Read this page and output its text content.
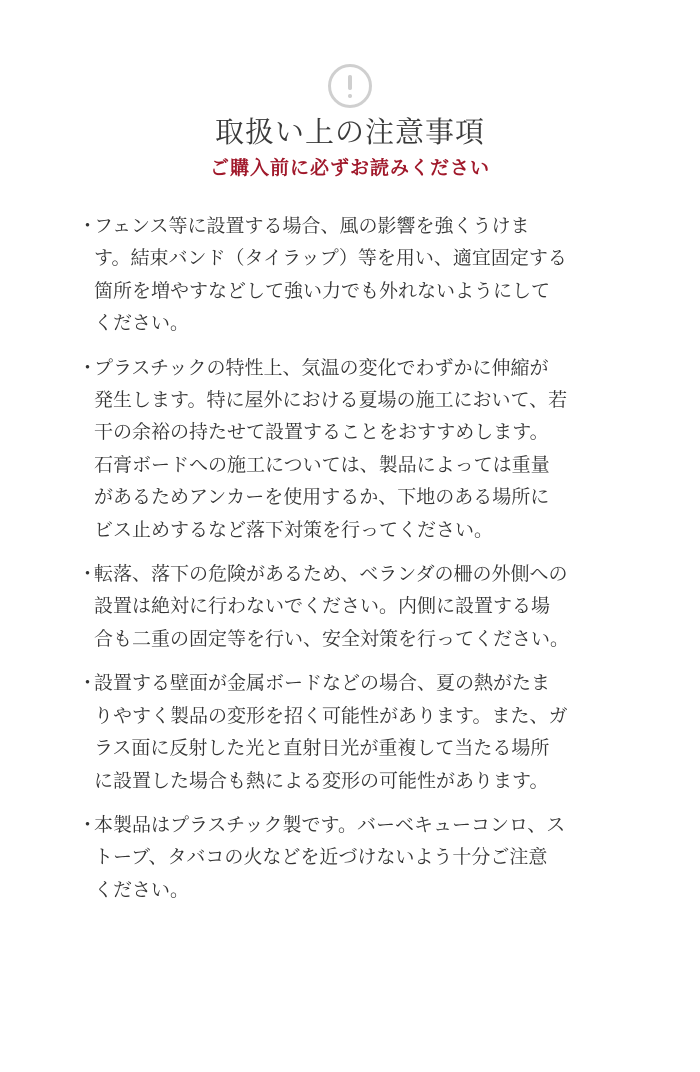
取扱い上の注意事項
ご購入前に必ずお読みください
・
フェンス等に設置する場合、風の影響を強くうけま
す。結束バンド（タイラップ）等を用い、適宜固定する
箇所を増やすなどして強い力でも外れないようにして
ください。
・
プラスチックの特性上、気温の変化でわずかに伸縮が
発生します。特に屋外における夏場の施工において、若
干の余裕の持たせて設置することをおすすめします。
石膏ボードへの施工については、製品によっては重量
があるためアンカーを使用するか、下地のある場所に
ビス止めするなど落下対策を行ってください。
・
転落、落下の危険があるため、ベランダの柵の外側への
設置は絶対に行わないでください。内側に設置する場
合も二重の固定等を行い、安全対策を行ってください。
・
設置する壁面が金属ボードなどの場合、夏の熱がたま
りやすく製品の変形を招く可能性があります。また、ガ
ラス面に反射した光と直射日光が重複して当たる場所
に設置した場合も熱による変形の可能性があります。
・
本製品はプラスチック製です。バーベキューコンロ、ス
トーブ、タバコの火などを近づけないよう十分ご注意
ください。
